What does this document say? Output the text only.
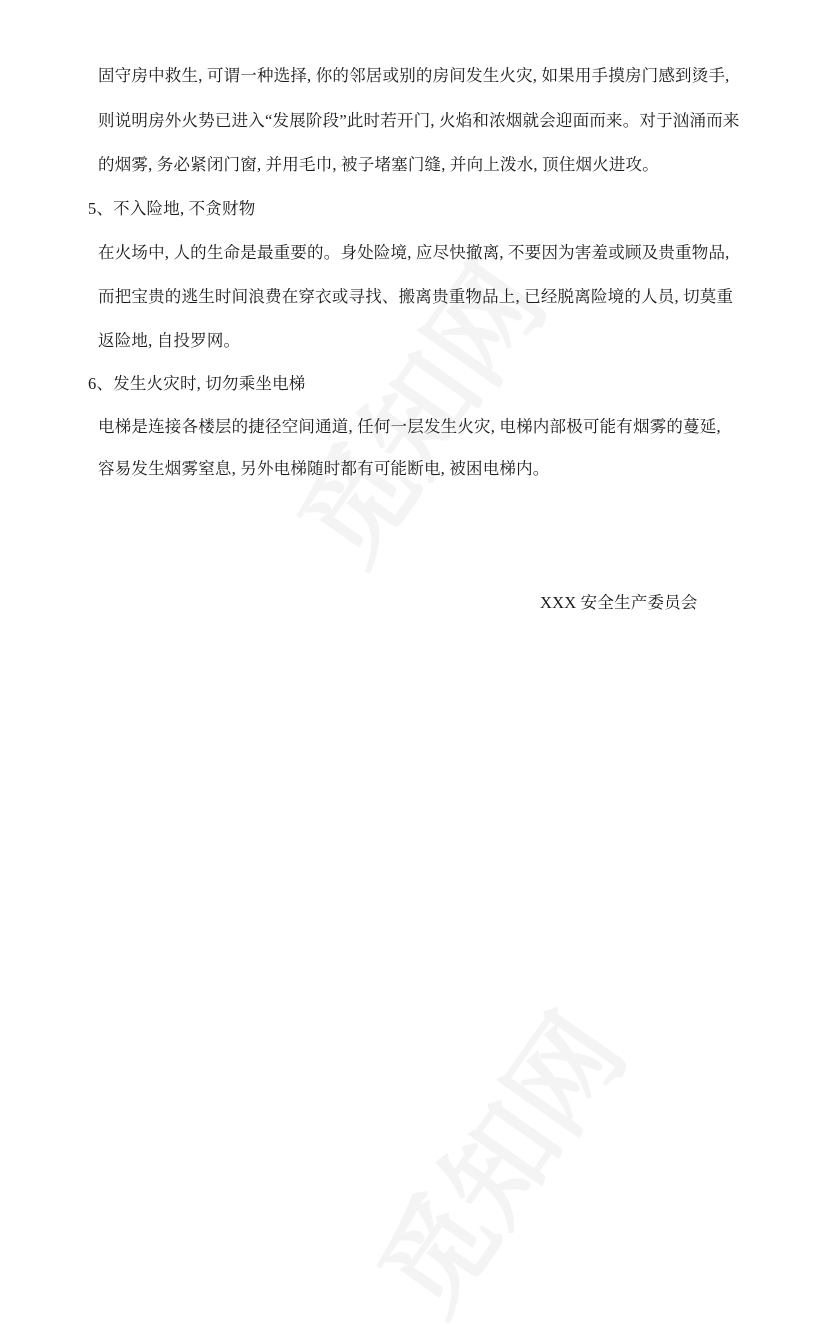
固守房中救生, 可谓一种选择, 你的邻居或别的房间发生火灾, 如果用手摸房门感到烫手,
则说明房外火势已进入“发展阶段”此时若开门, 火焰和浓烟就会迎面而来。对于汹涌而来
的烟雾, 务必紧闭门窗, 并用毛巾, 被子堵塞门缝, 并向上泼水, 顶住烟火进攻。
5、不入险地, 不贪财物
在火场中, 人的生命是最重要的。身处险境, 应尽快撤离, 不要因为害羞或顾及贵重物品,
而把宝贵的逃生时间浪费在穿衣或寻找、搬离贵重物品上, 已经脱离险境的人员, 切莫重
返险地, 自投罗网。
6、发生火灾时, 切勿乘坐电梯
电梯是连接各楼层的捷径空间通道, 任何一层发生火灾, 电梯内部极可能有烟雾的蔓延,
容易发生烟雾窒息, 另外电梯随时都有可能断电, 被困电梯内。
XXX 安全生产委员会
